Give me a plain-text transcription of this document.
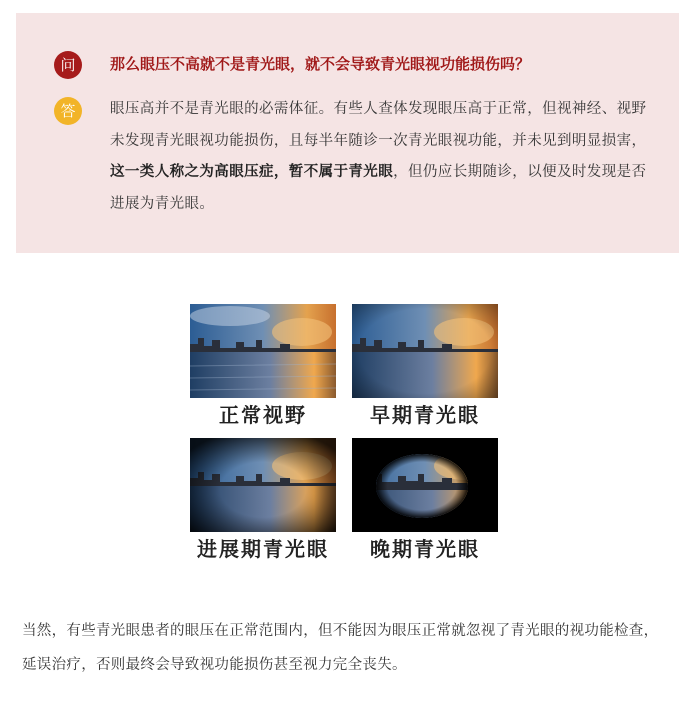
问	那么眼压不高就不是青光眼，就不会导致青光眼视功能损伤吗？
答	眼压高并不是青光眼的必需体征。有些人查体发现眼压高于正常，但视神经、视野未发现青光眼视功能损伤，且每半年随诊一次青光眼视功能，并未见到明显损害，这一类人称之为高眼压症，暂不属于青光眼，但仍应长期随诊，以便及时发现是否进展为青光眼。
正常视野	早期青光眼
进展期青光眼	晚期青光眼
当然，有些青光眼患者的眼压在正常范围内，但不能因为眼压正常就忽视了青光眼的视功能检查，延误治疗，否则最终会导致视功能损伤甚至视力完全丧失。
